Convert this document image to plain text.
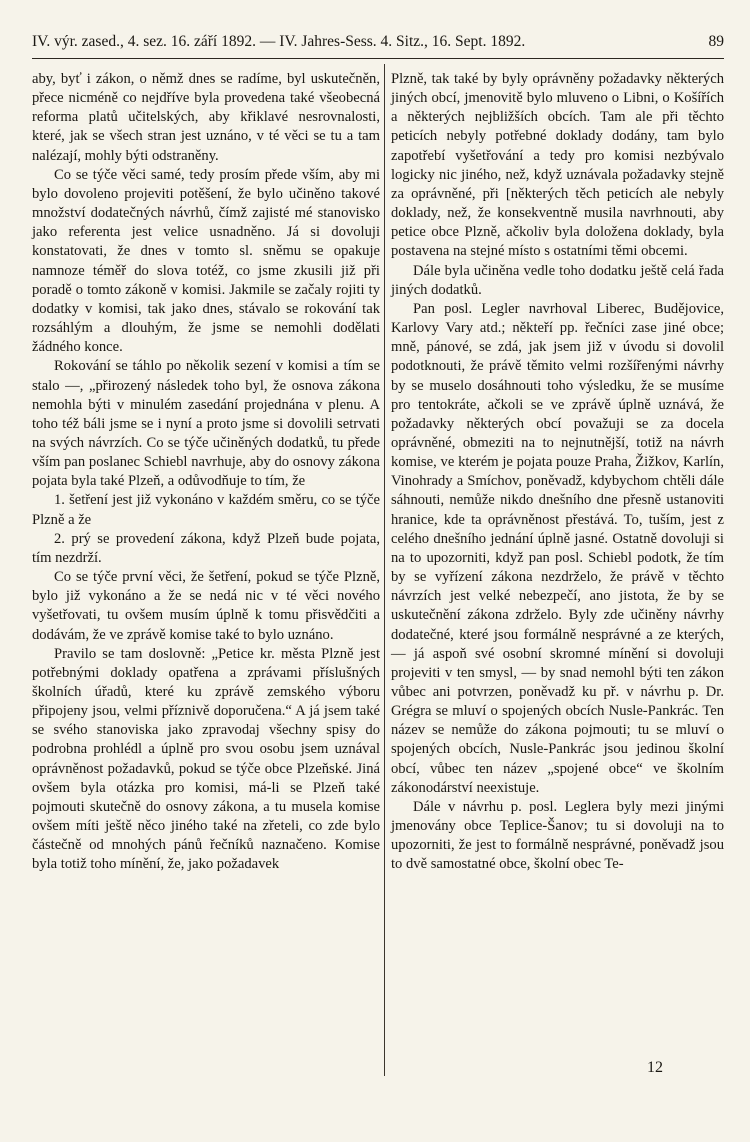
IV. výr. zased., 4. sez. 16. září 1892. — IV. Jahres-Sess. 4. Sitz., 16. Sept. 1892.	89

aby, byť i zákon, o němž dnes se radíme, byl uskutečněn, přece nicméně co nejdříve byla provedena také všeobecná reforma platů učitelských, aby křiklavé nesrovnalosti, které, jak se všech stran jest uznáno, v té věci se tu a tam nalézají, mohly býti odstraněny.

Co se týče věci samé, tedy prosím přede vším, aby mi bylo dovoleno projeviti potěšení, že bylo učiněno takové množství dodatečných návrhů, čímž zajisté mé stanovisko jako referenta jest velice usnadněno. Já si dovoluji konstatovati, že dnes v tomto sl. sněmu se opakuje namnoze téměř do slova totéž, co jsme zkusili již při poradě o tomto zákoně v komisi. Jakmile se začaly rojiti ty dodatky v komisi, tak jako dnes, stávalo se rokování tak rozsáhlým a dlouhým, že jsme se nemohli dodělati žádného konce.

Rokování se táhlo po několik sezení v komisi a tím se stalo —, „přirozený následek toho byl, že osnova zákona nemohla býti v minulém zasedání projednána v plenu. A toho též báli jsme se i nyní a proto jsme si dovolili setrvati na svých návrzích. Co se týče učiněných dodatků, tu přede vším pan poslanec Schiebl navrhuje, aby do osnovy zákona pojata byla také Plzeň, a odůvodňuje to tím, že

1. šetření jest již vykonáno v každém směru, co se týče Plzně a že

2. prý se provedení zákona, když Plzeň bude pojata, tím nezdrží.

Co se týče první věci, že šetření, pokud se týče Plzně, bylo již vykonáno a že se nedá nic v té věci nového vyšetřovati, tu ovšem musím úplně k tomu přisvědčiti a dodávám, že ve zprávě komise také to bylo uznáno.

Pravilo se tam doslovně: „Petice kr. města Plzně jest potřebnými doklady opatřena a zprávami příslušných školních úřadů, které ku zprávě zemského výboru připojeny jsou, velmi příznivě doporučena.“ A já jsem také se svého stanoviska jako zpravodaj všechny spisy do podrobna prohlédl a úplně pro svou osobu jsem uznával oprávněnost požadavků, pokud se týče obce Plzeňské. Jiná ovšem byla otázka pro komisi, má-li se Plzeň také pojmouti skutečně do osnovy zákona, a tu musela komise ovšem míti ještě něco jiného také na zřeteli, co zde bylo částečně od mnohých pánů řečníků naznačeno. Komise byla totiž toho mínění, že, jako požadavek

Plzně, tak také by byly oprávněny požadavky některých jiných obcí, jmenovitě bylo mluveno o Libni, o Košířích a některých nejbližších obcích. Tam ale při těchto peticích nebyly potřebné doklady dodány, tam bylo zapotřebí vyšetřování a tedy pro komisi nezbývalo logicky nic jiného, než, když uznávala požadavky stejně za oprávněné, při [některých těch peticích ale nebyly doklady, než, že konsekventně musila navrhnouti, aby petice obce Plzně, ačkoliv byla doložena doklady, byla postavena na stejné místo s ostatními těmi obcemi.

Dále byla učiněna vedle toho dodatku ještě celá řada jiných dodatků.

Pan posl. Legler navrhoval Liberec, Budějovice, Karlovy Vary atd.; někteří pp. řečníci zase jiné obce; mně, pánové, se zdá, jak jsem již v úvodu si dovolil podotknouti, že právě těmito velmi rozšířenými návrhy by se muselo dosáhnouti toho výsledku, že se musíme pro tentokráte, ačkoli se ve zprávě úplně uznává, že požadavky některých obcí považuji se za docela oprávněné, obmeziti na to nejnutnější, totiž na návrh komise, ve kterém je pojata pouze Praha, Žižkov, Karlín, Vinohrady a Smíchov, poněvadž, kdybychom chtěli dále sáhnouti, nemůže nikdo dnešního dne přesně ustanoviti hranice, kde ta oprávněnost přestává. To, tuším, jest z celého dnešního jednání úplně jasné. Ostatně dovoluji si na to upozorniti, když pan posl. Schiebl podotk, že tím by se vyřízení zákona nezdrželo, že právě v těchto návrzích jest velké nebezpečí, ano jistota, že by se uskutečnění zákona zdrželo. Byly zde učiněny návrhy dodatečné, které jsou formálně nesprávné a ze kterých, — já aspoň své osobní skromné mínění si dovoluji projeviti v ten smysl, — by snad nemohl býti ten zákon vůbec ani potvrzen, poněvadž ku př. v návrhu p. Dr. Grégra se mluví o spojených obcích Nusle-Pankrác. Ten název se nemůže do zákona pojmouti; tu se mluví o spojených obcích, Nusle-Pankrác jsou jedinou školní obcí, vůbec ten název „spojené obce“ ve školním zákonodárství neexistuje.

Dále v návrhu p. posl. Leglera byly mezi jinými jmenovány obce Teplice-Šanov; tu si dovoluji na to upozorniti, že jest to formálně nesprávné, poněvadž jsou to dvě samostatné obce, školní obec Te-

12
